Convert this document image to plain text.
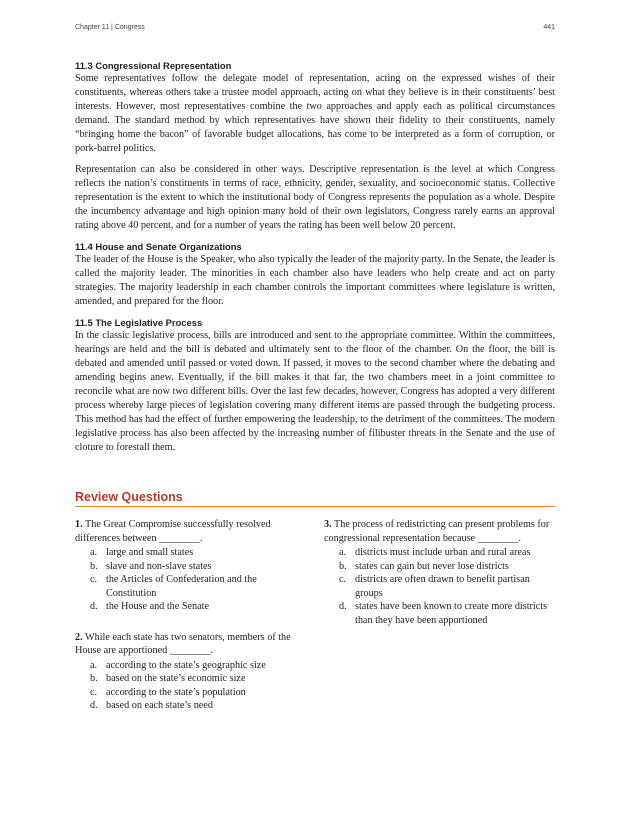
Chapter 11 | Congress	441
11.3 Congressional Representation

Some representatives follow the delegate model of representation, acting on the expressed wishes of their constituents, whereas others take a trustee model approach, acting on what they believe is in their constituents’ best interests. However, most representatives combine the two approaches and apply each as political circumstances demand. The standard method by which representatives have shown their fidelity to their constituents, namely “bringing home the bacon” of favorable budget allocations, has come to be interpreted as a form of corruption, or pork-barrel politics.

Representation can also be considered in other ways. Descriptive representation is the level at which Congress reflects the nation’s constituents in terms of race, ethnicity, gender, sexuality, and socioeconomic status. Collective representation is the extent to which the institutional body of Congress represents the population as a whole. Despite the incumbency advantage and high opinion many hold of their own legislators, Congress rarely earns an approval rating above 40 percent, and for a number of years the rating has been well below 20 percent.

11.4 House and Senate Organizations

The leader of the House is the Speaker, who also typically the leader of the majority party. In the Senate, the leader is called the majority leader. The minorities in each chamber also have leaders who help create and act on party strategies. The majority leadership in each chamber controls the important committees where legislature is written, amended, and prepared for the floor.

11.5 The Legislative Process

In the classic legislative process, bills are introduced and sent to the appropriate committee. Within the committees, hearings are held and the bill is debated and ultimately sent to the floor of the chamber. On the floor, the bill is debated and amended until passed or voted down. If passed, it moves to the second chamber where the debating and amending begins anew. Eventually, if the bill makes it that far, the two chambers meet in a joint committee to reconcile what are now two different bills. Over the last few decades, however, Congress has adopted a very different process whereby large pieces of legislation covering many different items are passed through the budgeting process. This method has had the effect of further empowering the leadership, to the detriment of the committees. The modern legislative process has also been affected by the increasing number of filibuster threats in the Senate and the use of cloture to forestall them.

Review Questions

1. The Great Compromise successfully resolved differences between ________.

a. large and small states
b. slave and non-slave states
c. the Articles of Confederation and the Constitution
d. the House and the Senate

2. While each state has two senators, members of the House are apportioned ________.

a. according to the state’s geographic size
b. based on the state’s economic size
c. according to the state’s population
d. based on each state’s need

3. The process of redistricting can present problems for congressional representation because ________.

a. districts must include urban and rural areas
b. states can gain but never lose districts
c. districts are often drawn to benefit partisan groups
d. states have been known to create more districts than they have been apportioned
